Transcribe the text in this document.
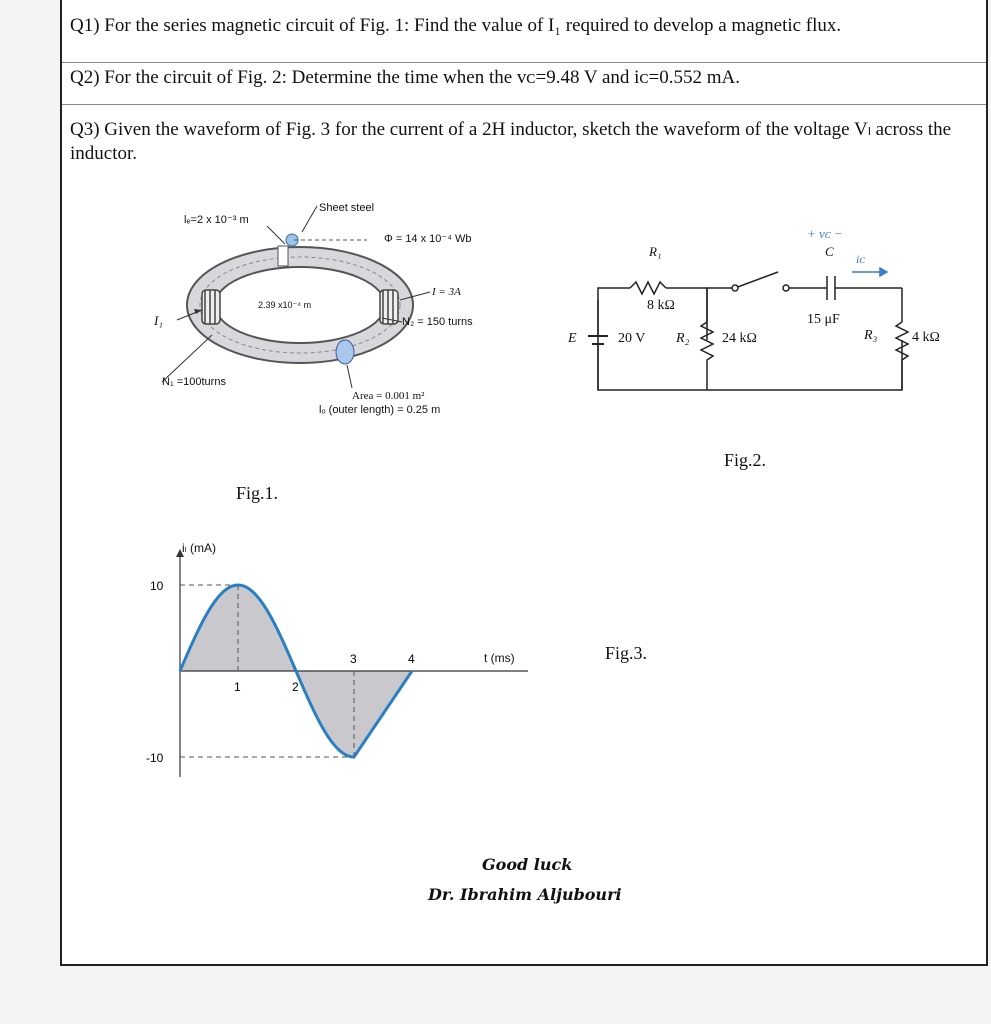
Q1) For the series magnetic circuit of Fig. 1: Find the value of I₁ required to develop a magnetic flux.
Q2) For the circuit of Fig. 2: Determine the time when the vᴄ=9.48 V and iᴄ=0.552 mA.
Q3) Given the waveform of Fig. 3 for the current of a 2H inductor, sketch the waveform of the voltage Vₗ across the inductor.
lₑ=2 x 10⁻³ m
Sheet steel
Φ = 14 x 10⁻⁴ Wb
2.39 x10⁻⁴ m
I = 3A
N₂ = 150 turns
I₁
N₁ =100turns
Area = 0.001 m²
lₒ (outer length) = 0.25 m
Fig.1.
R₁
8 kΩ
E	20 V R₂ 24 kΩ
+ vᴄ −
C iᴄ
15 μF
R₃ 4 kΩ
Fig.2.
10
-10
3	4
1	2
iₗ (mA)
t (ms)	Fig.3.
Good luck
Dr. Ibrahim Aljubouri
